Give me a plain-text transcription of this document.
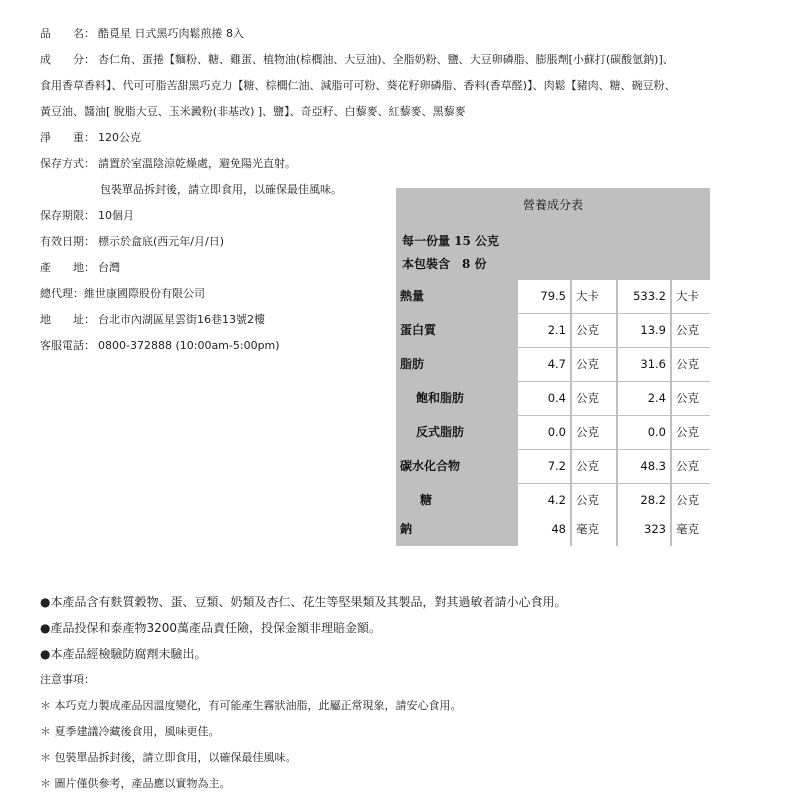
品　　名： 酷覓星 日式黑巧肉鬆煎捲 8入
成　　分： 杏仁角、蛋捲【麵粉、糖、雞蛋、植物油(棕櫚油、大豆油)、全脂奶粉、鹽、大豆卵磷脂、膨脹劑[小蘇打(碳酸氫鈉)]、
食用香草香料】、代可可脂苦甜黑巧克力【糖、棕櫚仁油、減脂可可粉、葵花籽卵磷脂、香料(香草醛)】、肉鬆【豬肉、糖、碗豆粉、
黃豆油、醬油[ 脫脂大豆、玉米澱粉(非基改) ]、鹽】、奇亞籽、白藜麥、紅藜麥、黑藜麥
淨　　重： 120公克
保存方式： 請置於室溫陰涼乾燥處，避免陽光直射。
包裝單品拆封後，請立即食用，以確保最佳風味。
保存期限： 10個月
有效日期： 標示於盒底(西元年/月/日)
產　　地： 台灣
總代理：維世康國際股份有限公司
地　　址： 台北市內湖區星雲街16巷13號2樓
客服電話： 0800-372888 (10:00am-5:00pm)
營養成分表
每一份量 15 公克
本包裝含　8 份
熱量	79.5 大卡	533.2 大卡
蛋白質	2.1 公克	13.9 公克
脂肪	4.7 公克	31.6 公克
飽和脂肪	0.4 公克	2.4 公克
反式脂肪	0.0 公克	0.0 公克
碳水化合物	7.2 公克	48.3 公克
糖	4.2 公克	28.2 公克
鈉	48 毫克	323 毫克
●本產品含有麩質穀物、蛋、豆類、奶類及杏仁、花生等堅果類及其製品，對其過敏者請小心食用。
●產品投保和泰產物3200萬產品責任險，投保金額非理賠金額。
●本產品經檢驗防腐劑未驗出。
注意事項：
＊ 本巧克力製成產品因溫度變化，有可能產生霧狀油脂，此屬正常現象，請安心食用。
＊ 夏季建議冷藏後食用，風味更佳。
＊ 包裝單品拆封後，請立即食用，以確保最佳風味。
＊ 圖片僅供參考，產品應以實物為主。
